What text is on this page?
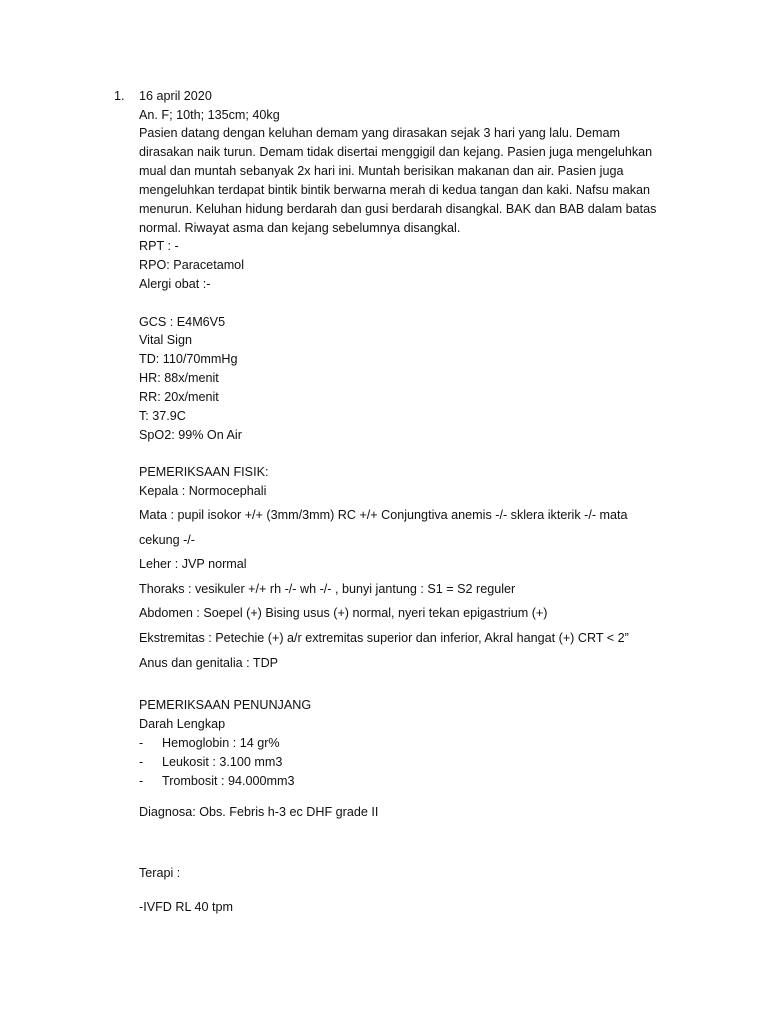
1. 16 april 2020
An. F; 10th; 135cm; 40kg
Pasien datang dengan keluhan demam yang dirasakan sejak 3 hari yang lalu. Demam
dirasakan naik turun. Demam tidak disertai menggigil dan kejang. Pasien juga mengeluhkan
mual dan muntah sebanyak 2x hari ini. Muntah berisikan makanan dan air. Pasien juga
mengeluhkan terdapat bintik bintik berwarna merah di kedua tangan dan kaki. Nafsu makan
menurun. Keluhan hidung berdarah dan gusi berdarah disangkal. BAK dan BAB dalam batas
normal. Riwayat asma dan kejang sebelumnya disangkal.
RPT : -
RPO: Paracetamol
Alergi obat :-
GCS : E4M6V5
Vital Sign
TD: 110/70mmHg
HR: 88x/menit
RR: 20x/menit
T: 37.9C
SpO2: 99% On Air
PEMERIKSAAN FISIK:
Kepala : Normocephali
Mata : pupil isokor +/+ (3mm/3mm) RC +/+ Conjungtiva anemis -/- sklera ikterik -/- mata
cekung -/-
Leher : JVP normal
Thoraks : vesikuler +/+ rh -/- wh -/- , bunyi jantung : S1 = S2 reguler
Abdomen : Soepel (+) Bising usus (+) normal, nyeri tekan epigastrium (+)
Ekstremitas : Petechie (+) a/r extremitas superior dan inferior, Akral hangat (+) CRT < 2”
Anus dan genitalia : TDP
PEMERIKSAAN PENUNJANG
Darah Lengkap
- Hemoglobin : 14 gr%
- Leukosit : 3.100 mm3
- Trombosit : 94.000mm3
Diagnosa: Obs. Febris h-3 ec DHF grade II
Terapi :
-IVFD RL 40 tpm
